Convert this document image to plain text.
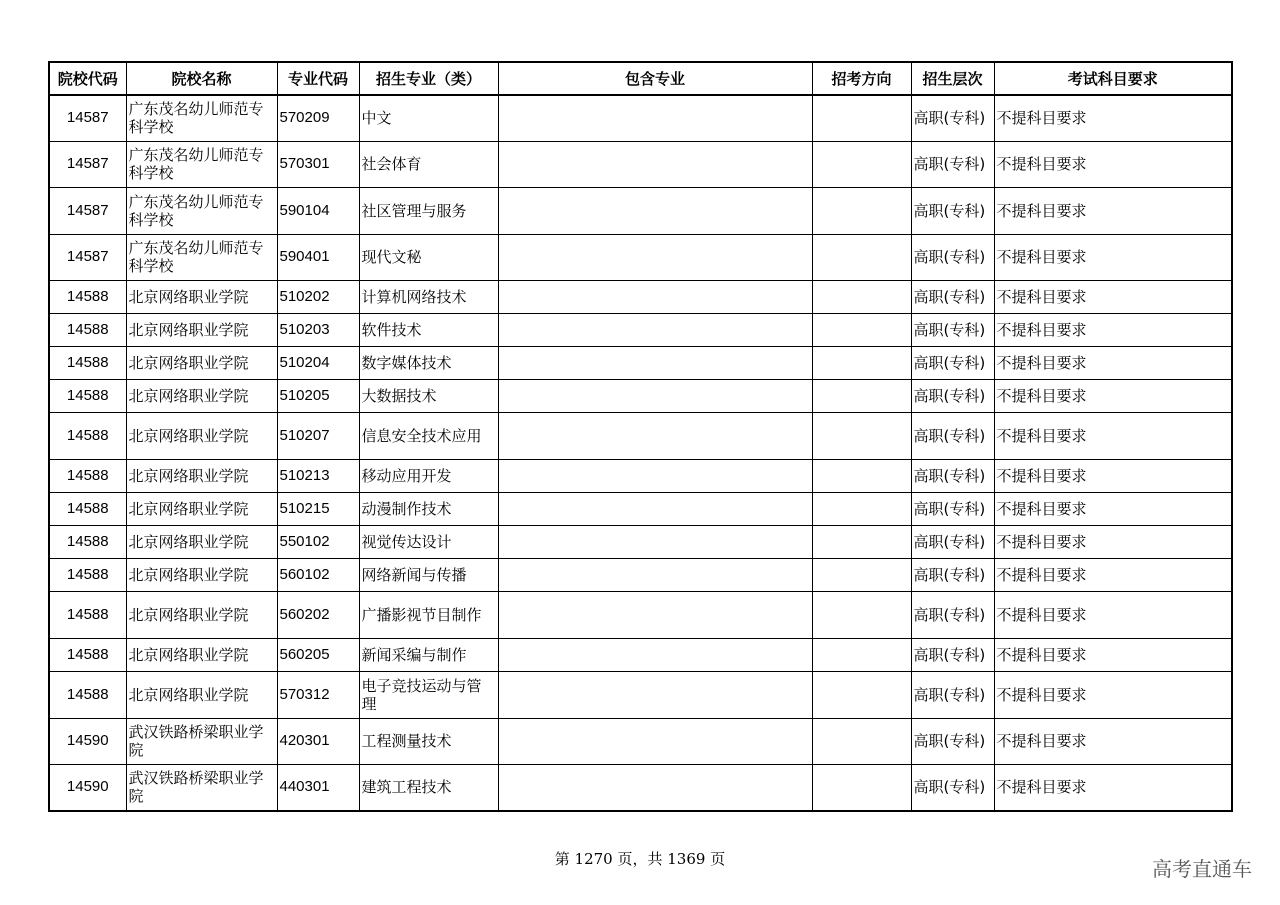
院校代码	院校名称	专业代码	招生专业（类）	包含专业	招考方向	招生层次	考试科目要求
14587	广东茂名幼儿师范专科学校	570209	中文			高职(专科)	不提科目要求
14587	广东茂名幼儿师范专科学校	570301	社会体育			高职(专科)	不提科目要求
14587	广东茂名幼儿师范专科学校	590104	社区管理与服务			高职(专科)	不提科目要求
14587	广东茂名幼儿师范专科学校	590401	现代文秘			高职(专科)	不提科目要求
14588	北京网络职业学院	510202	计算机网络技术			高职(专科)	不提科目要求
14588	北京网络职业学院	510203	软件技术			高职(专科)	不提科目要求
14588	北京网络职业学院	510204	数字媒体技术			高职(专科)	不提科目要求
14588	北京网络职业学院	510205	大数据技术			高职(专科)	不提科目要求
14588	北京网络职业学院	510207	信息安全技术应用			高职(专科)	不提科目要求
14588	北京网络职业学院	510213	移动应用开发			高职(专科)	不提科目要求
14588	北京网络职业学院	510215	动漫制作技术			高职(专科)	不提科目要求
14588	北京网络职业学院	550102	视觉传达设计			高职(专科)	不提科目要求
14588	北京网络职业学院	560102	网络新闻与传播			高职(专科)	不提科目要求
14588	北京网络职业学院	560202	广播影视节目制作			高职(专科)	不提科目要求
14588	北京网络职业学院	560205	新闻采编与制作			高职(专科)	不提科目要求
14588	北京网络职业学院	570312	电子竞技运动与管理			高职(专科)	不提科目要求
14590	武汉铁路桥梁职业学院	420301	工程测量技术			高职(专科)	不提科目要求
14590	武汉铁路桥梁职业学院	440301	建筑工程技术			高职(专科)	不提科目要求
第 1270 页，共 1369 页	高考直通车
